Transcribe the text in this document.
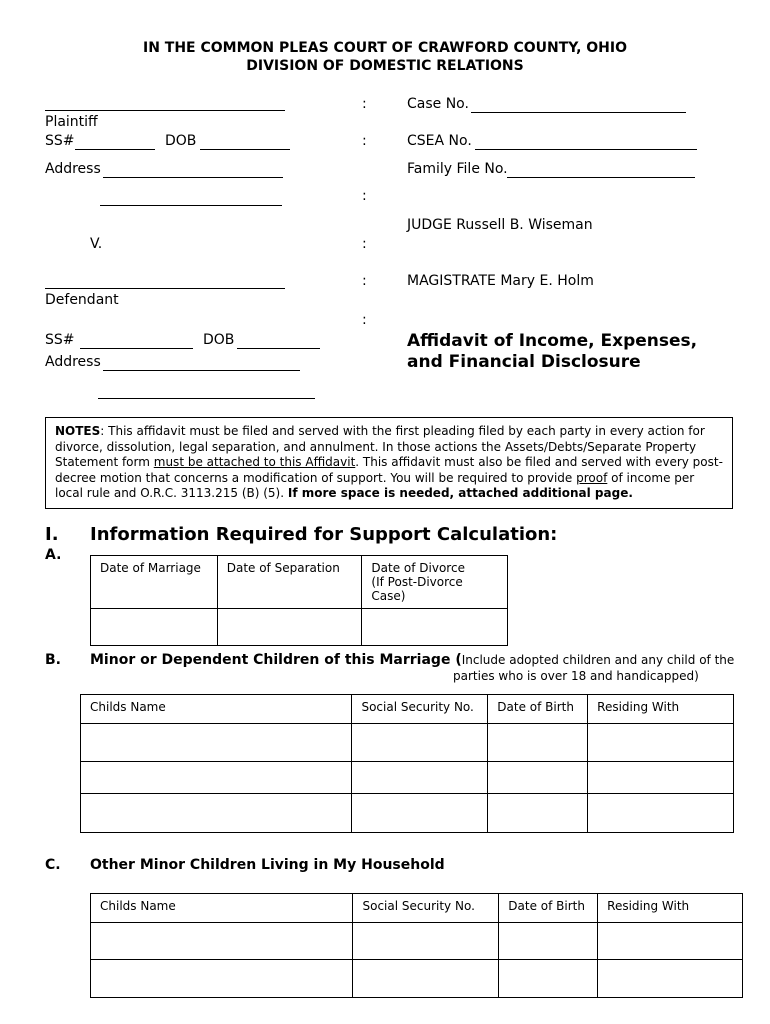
IN THE COMMON PLEAS COURT OF CRAWFORD COUNTY, OHIO
DIVISION OF DOMESTIC RELATIONS
Plaintiff
SS#	DOB
Address
V.
Defendant
SS#	DOB
Address
:
:
:
:
:
:
Case No.
CSEA No.
Family File No.
JUDGE Russell B. Wiseman
MAGISTRATE Mary E. Holm
Affidavit of Income, Expenses,
and Financial Disclosure
NOTES: This affidavit must be filed and served with the first pleading filed by each party in every action for divorce, dissolution, legal separation, and annulment. In those actions the Assets/Debts/Separate Property Statement form must be attached to this Affidavit. This affidavit must also be filed and served with every post-decree motion that concerns a modification of support. You will be required to provide proof of income per local rule and O.R.C. 3113.215 (B) (5). If more space is needed, attached additional page.
I. Information Required for Support Calculation:
A.
Date of Marriage	Date of Separation	Date of Divorce
(If Post-Divorce Case)

B. Minor or Dependent Children of this Marriage (Include adopted children and any child of the
parties who is over 18 and handicapped)
Childs Name	Social Security No.	Date of Birth	Residing With

C. Other Minor Children Living in My Household
Childs Name	Social Security No.	Date of Birth	Residing With
